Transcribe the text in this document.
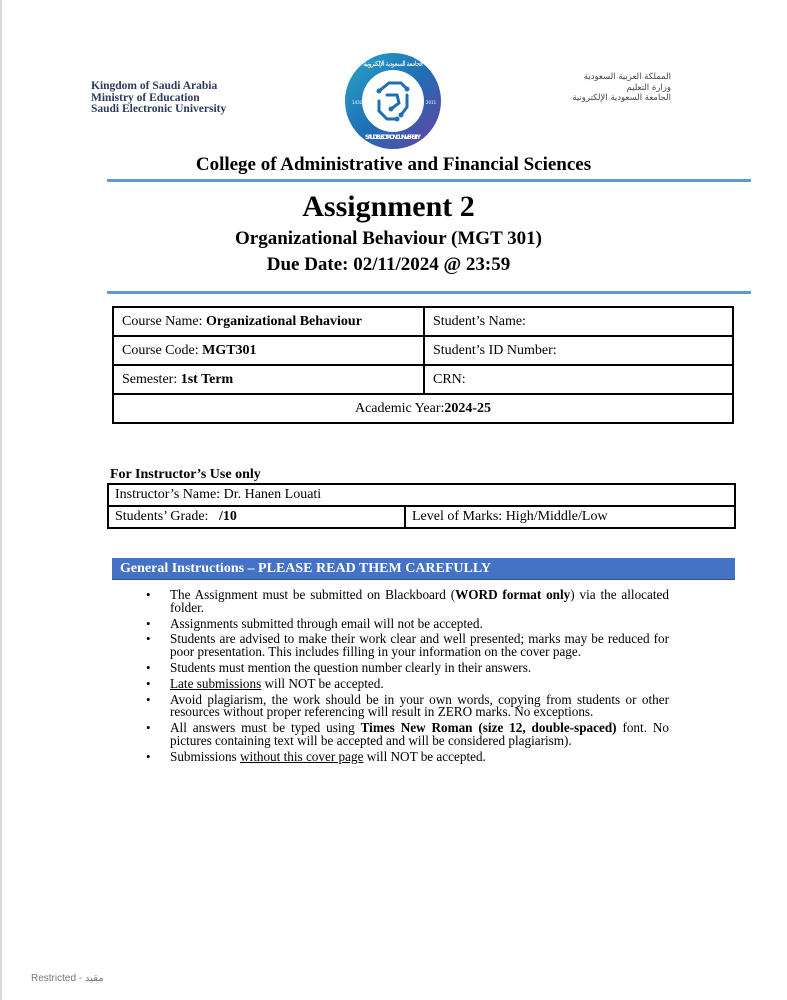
Kingdom of Saudi Arabia
Ministry of Education
Saudi Electronic University
SAUDI ELECTRONIC UNIVERSITY
الجامعة السعودية الإلكترونية
1432	2011
المملكة العربية السعودية
وزارة التعليم
الجامعة السعودية الإلكترونية
College of Administrative and Financial Sciences
Assignment 2
Organizational Behaviour (MGT 301)
Due Date: 02/11/2024 @ 23:59
Course Name: Organizational Behaviour	Student’s Name:
Course Code: MGT301	Student’s ID Number:
Semester: 1st Term	CRN:
Academic Year:2024-25	
For Instructor’s Use only
Instructor’s Name: Dr. Hanen Louati
Students’ Grade:   /10	Level of Marks: High/Middle/Low
General Instructions – PLEASE READ THEM CAREFULLY
• The Assignment must be submitted on Blackboard (WORD format only) via the allocated folder.
• Assignments submitted through email will not be accepted.
• Students are advised to make their work clear and well presented; marks may be reduced for poor presentation. This includes filling in your information on the cover page.
• Students must mention the question number clearly in their answers.
• Late submissions will NOT be accepted.
• Avoid plagiarism, the work should be in your own words, copying from students or other resources without proper referencing will result in ZERO marks. No exceptions.
• All answers must be typed using Times New Roman (size 12, double-spaced) font. No pictures containing text will be accepted and will be considered plagiarism).
• Submissions without this cover page will NOT be accepted.
Restricted - مقيد
